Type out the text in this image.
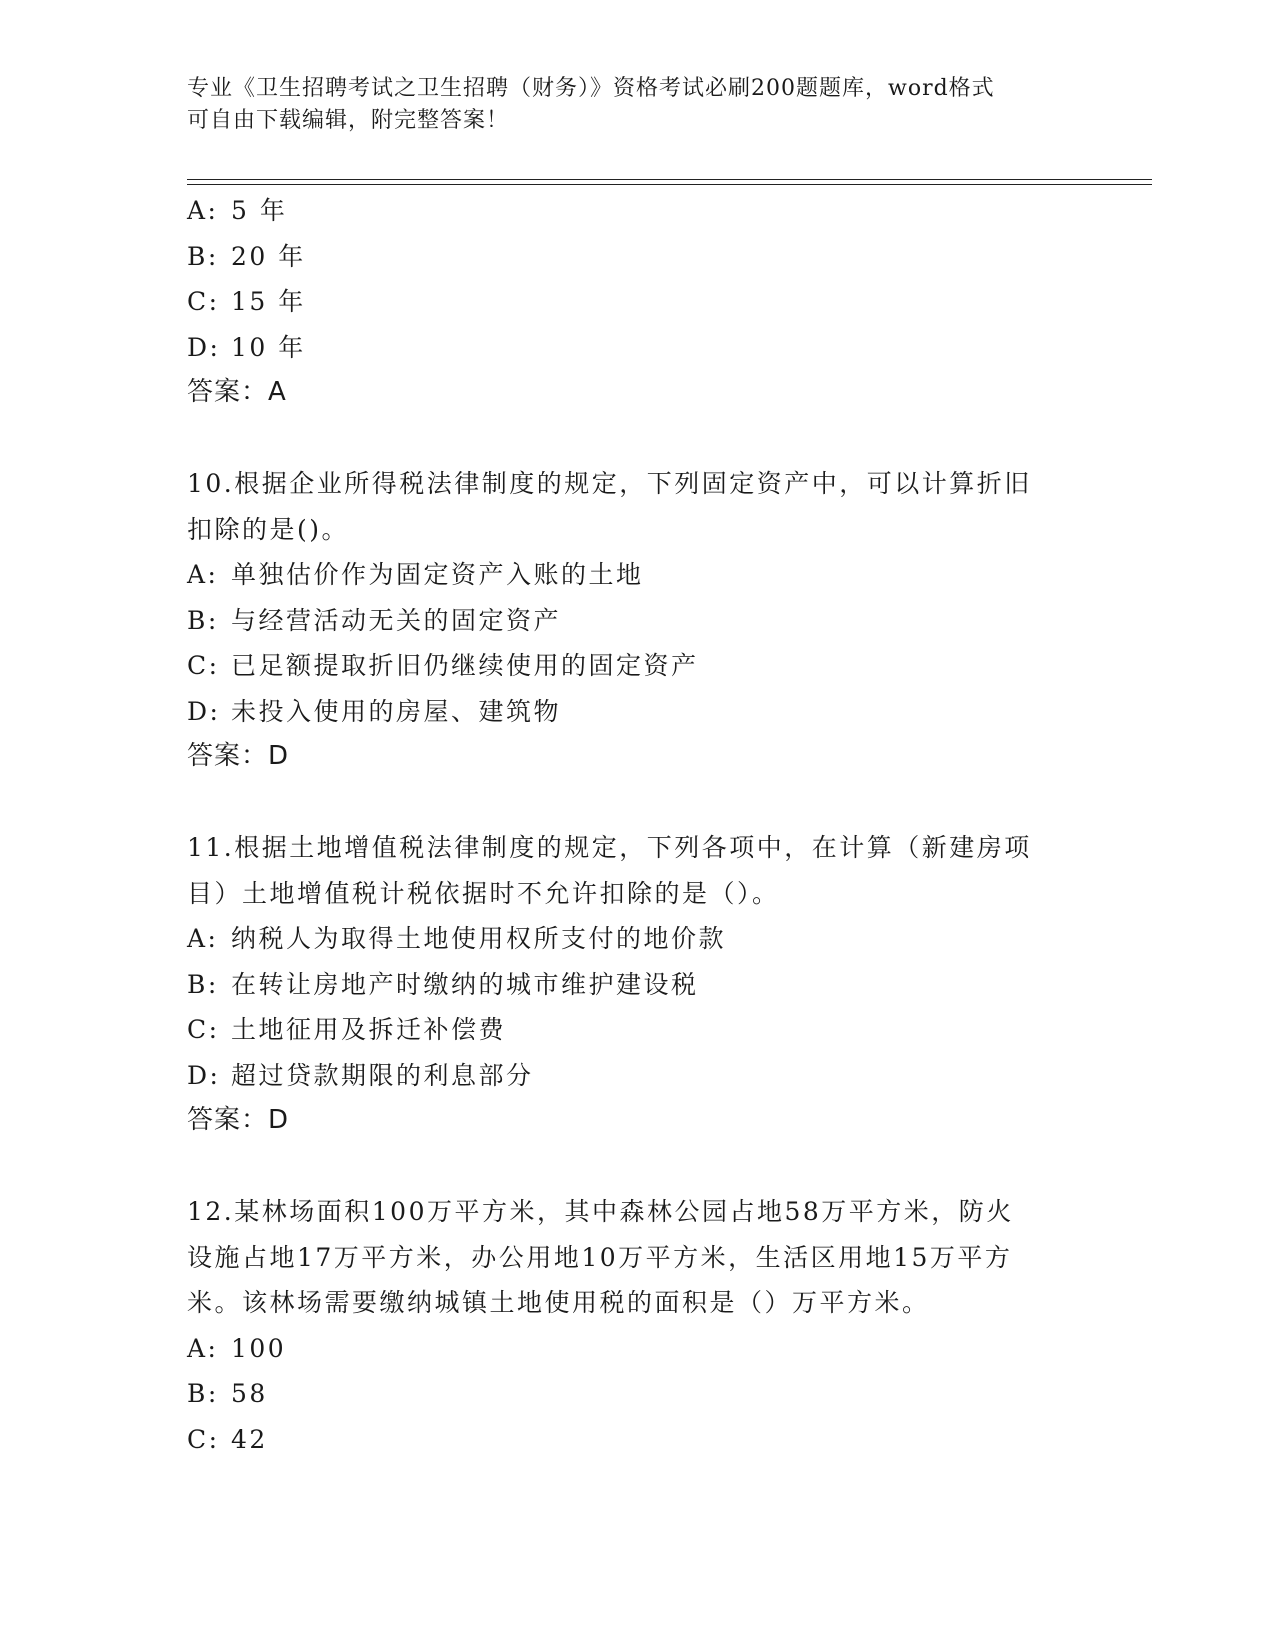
专业《卫生招聘考试之卫生招聘（财务）》资格考试必刷200题题库，word格式
可自由下载编辑，附完整答案！
A: 5 年
B: 20 年
C: 15 年
D: 10 年
答案：A
10.根据企业所得税法律制度的规定，下列固定资产中，可以计算折旧
扣除的是()。
A: 单独估价作为固定资产入账的土地
B: 与经营活动无关的固定资产
C: 已足额提取折旧仍继续使用的固定资产
D: 未投入使用的房屋、建筑物
答案：D
11.根据土地增值税法律制度的规定，下列各项中，在计算（新建房项
目）土地增值税计税依据时不允许扣除的是（）。
A: 纳税人为取得土地使用权所支付的地价款
B: 在转让房地产时缴纳的城市维护建设税
C: 土地征用及拆迁补偿费
D: 超过贷款期限的利息部分
答案：D
12.某林场面积100万平方米，其中森林公园占地58万平方米，防火
设施占地17万平方米，办公用地10万平方米，生活区用地15万平方
米。该林场需要缴纳城镇土地使用税的面积是（）万平方米。
A: 100
B: 58
C: 42
